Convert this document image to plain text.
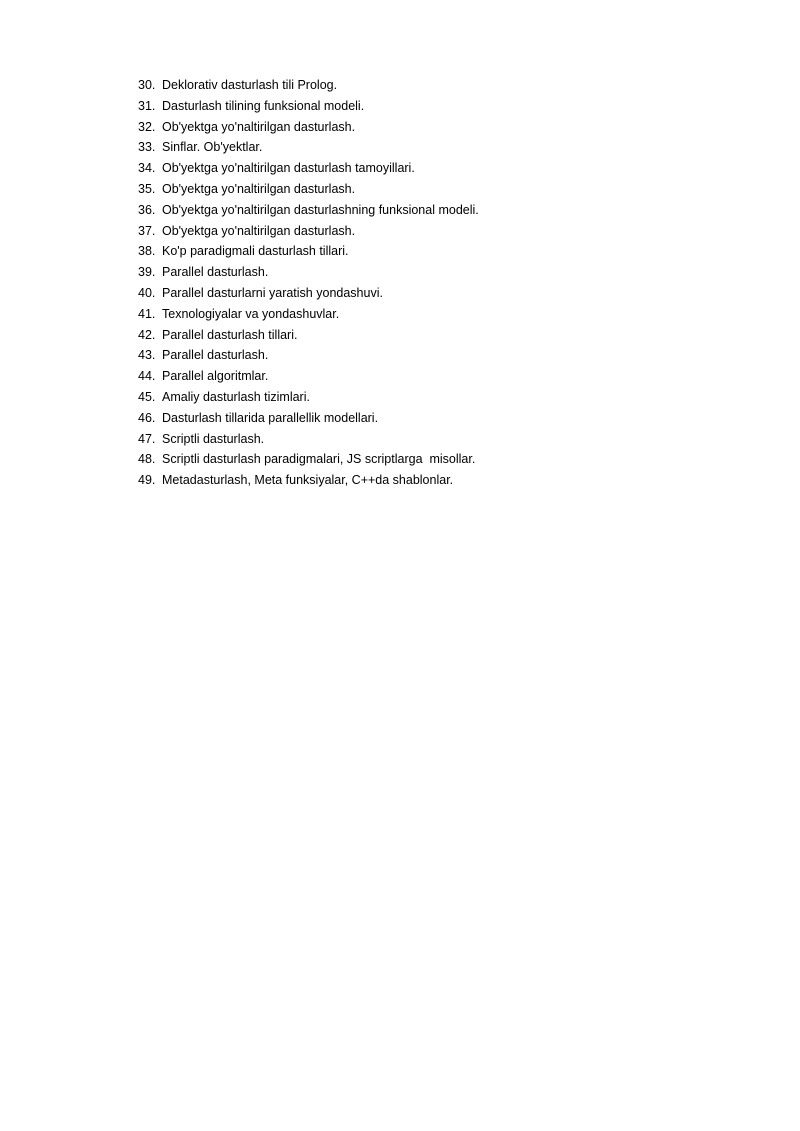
30. Deklorativ dasturlash tili Prolog.
31. Dasturlash tilining funksional modeli.
32. Ob'yektga yo'naltirilgan dasturlash.
33. Sinflar. Ob'yektlar.
34. Ob'yektga yo'naltirilgan dasturlash tamoyillari.
35. Ob'yektga yo'naltirilgan dasturlash.
36. Ob'yektga yo'naltirilgan dasturlashning funksional modeli.
37. Ob'yektga yo'naltirilgan dasturlash.
38. Ko'p paradigmali dasturlash tillari.
39. Parallel dasturlash.
40. Parallel dasturlarni yaratish yondashuvi.
41. Texnologiyalar va yondashuvlar.
42. Parallel dasturlash tillari.
43. Parallel dasturlash.
44. Parallel algoritmlar.
45. Amaliy dasturlash tizimlari.
46. Dasturlash tillarida parallellik modellari.
47. Scriptli dasturlash.
48. Scriptli dasturlash paradigmalari, JS scriptlarga  misollar.
49. Metadasturlash, Meta funksiyalar, C++da shablonlar.
